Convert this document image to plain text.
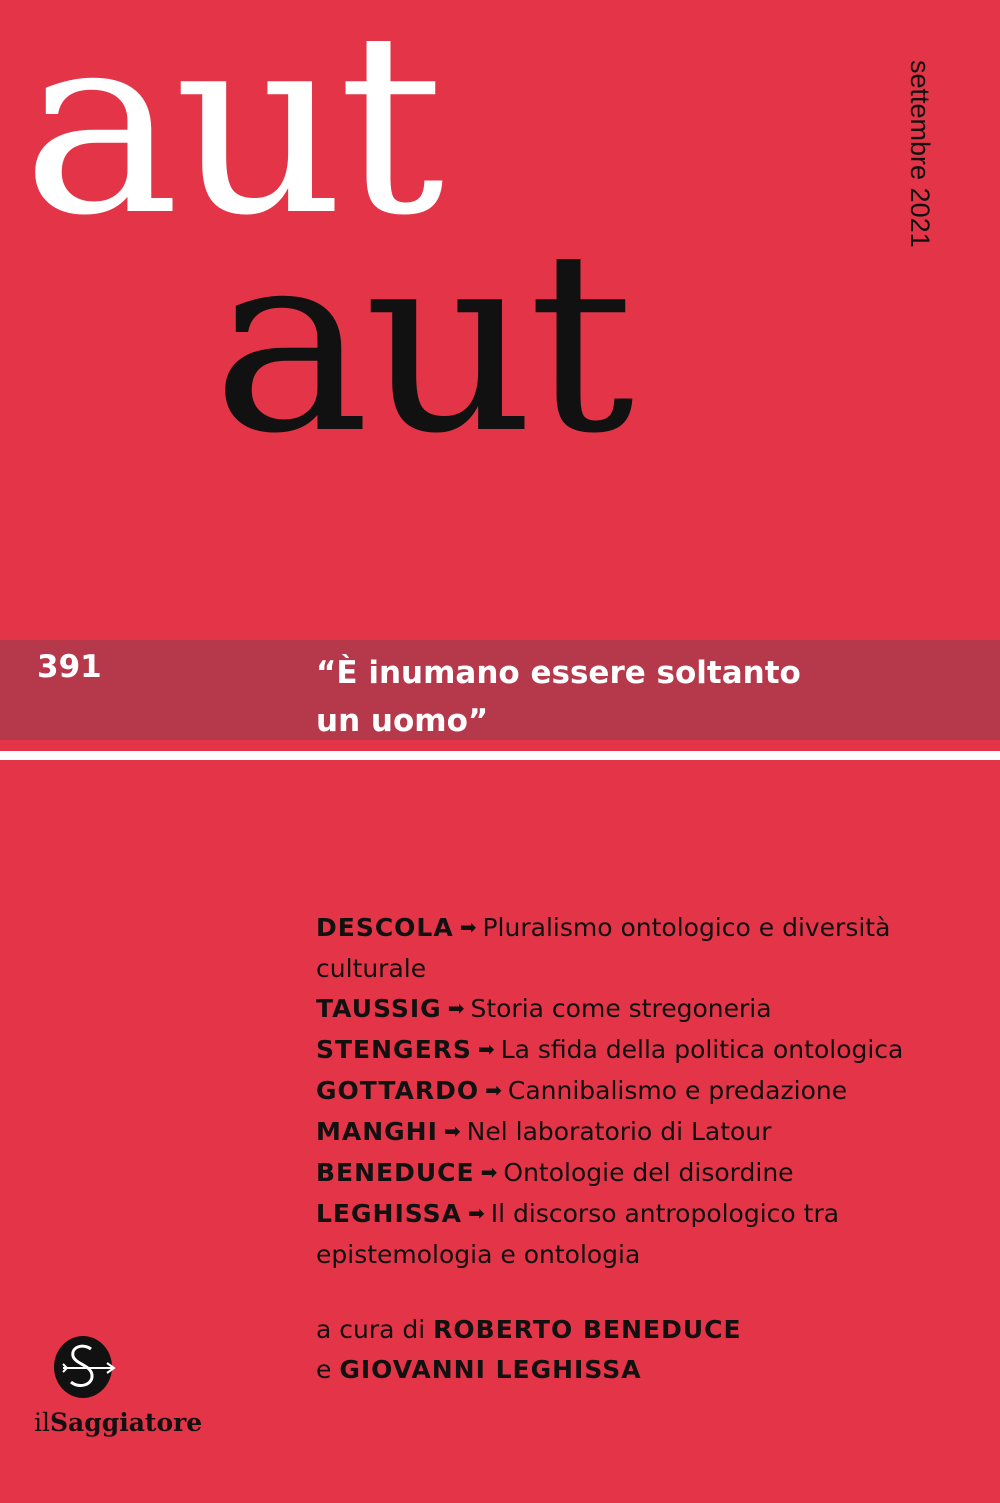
aut
aut
settembre 2021
391	“È inumano essere soltanto
un uomo”

DESCOLA ➡ Pluralismo ontologico e diversità culturale

TAUSSIG ➡ Storia come stregoneria

STENGERS ➡ La sfida della politica ontologica

GOTTARDO ➡ Cannibalismo e predazione

MANGHI ➡ Nel laboratorio di Latour

BENEDUCE ➡ Ontologie del disordine

LEGHISSA ➡ Il discorso antropologico tra epistemologia e ontologia

a cura di ROBERTO BENEDUCE
e GIOVANNI LEGHISSA
ilSaggiatore
